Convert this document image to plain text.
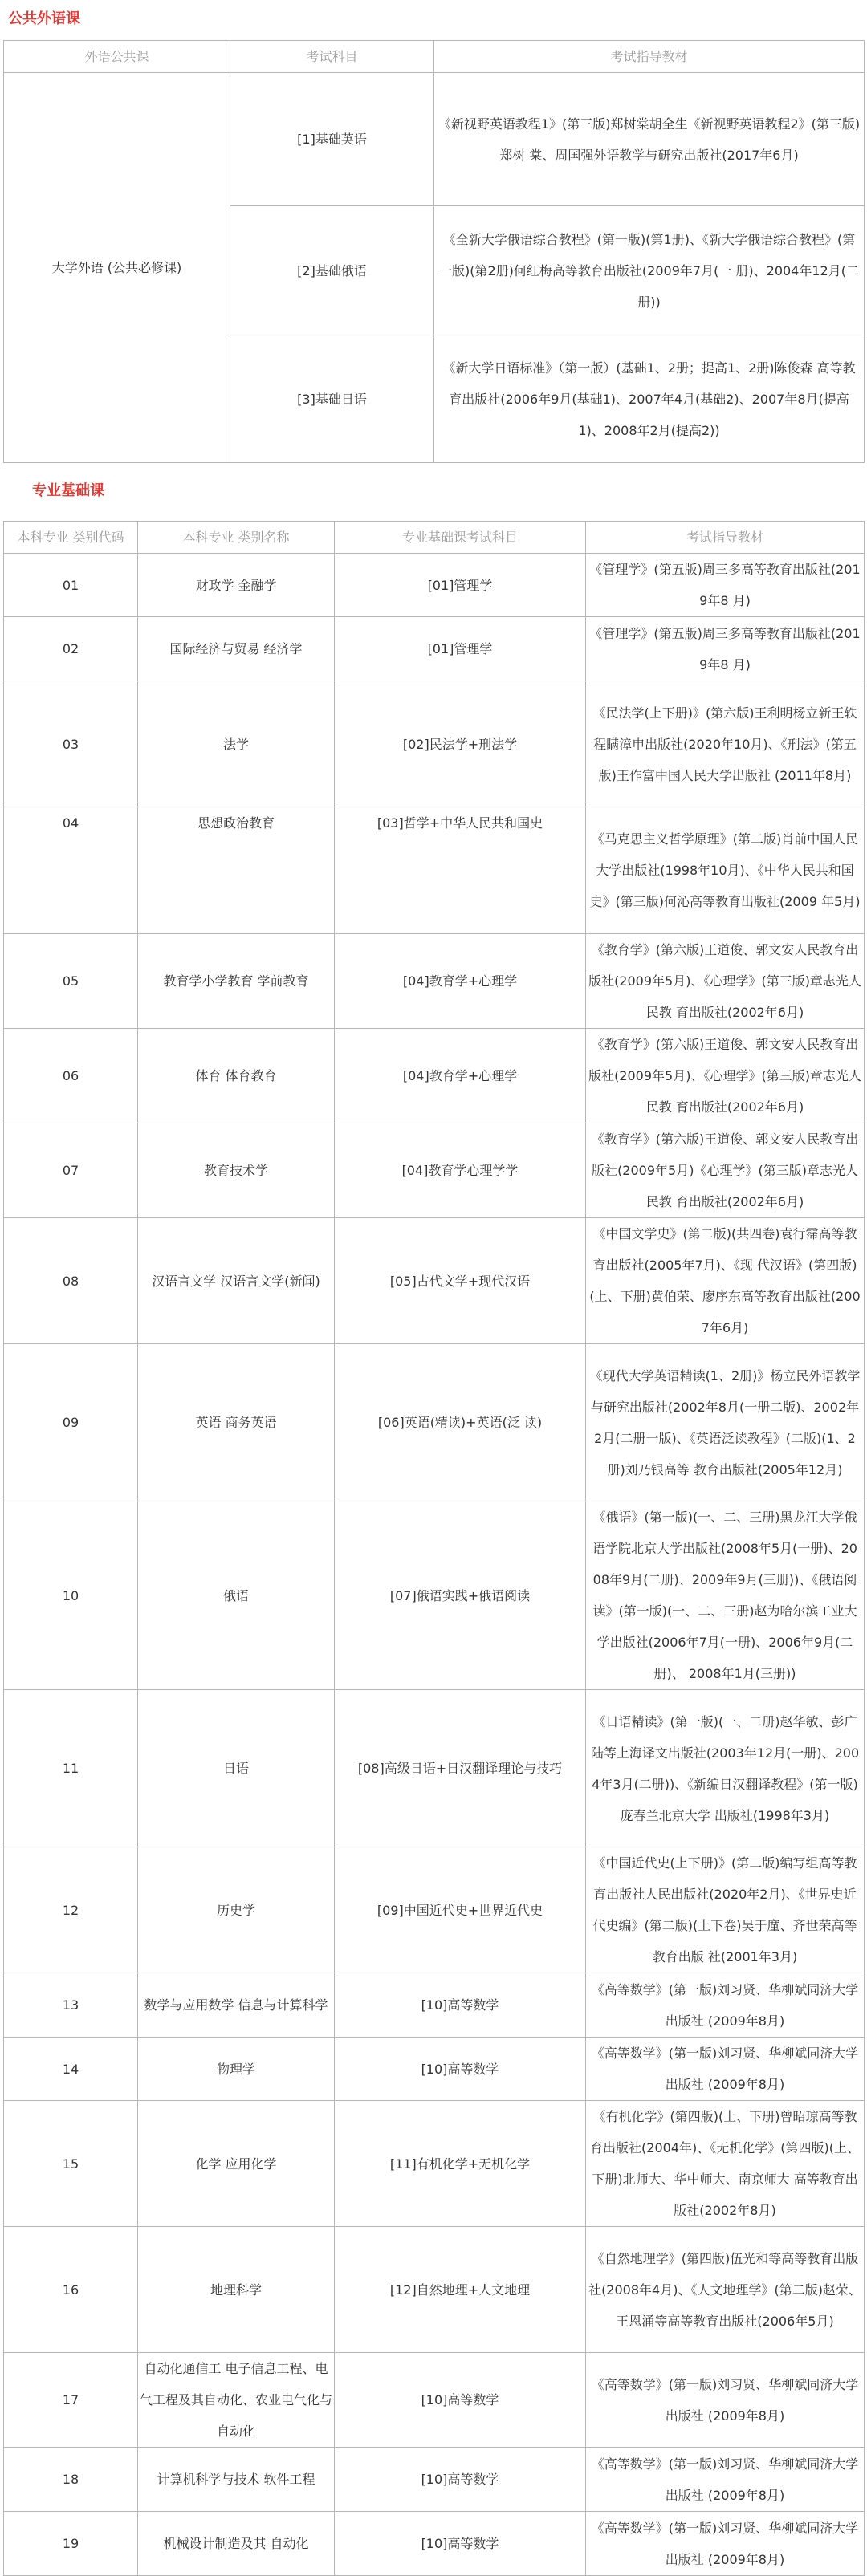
公共外语课
外语公共课	考试科目	考试指导教材
大学外语 (公共必修课)	[1]基础英语	《新视野英语教程1》(第三版)郑树棠胡全生《新视野英语教程2》(第三版)郑树 棠、周国强外语教学与研究出版社(2017年6月)
	[2]基础俄语	《全新大学俄语综合教程》(第一版)(第1册)、《新大学俄语综合教程》(第一版)(第2册)何红梅高等教育出版社(2009年7月(一 册)、2004年12月(二册))
	[3]基础日语	《新大学日语标准》（第一版）(基础1、2册；提高1、2册)陈俊森 高等教育出版社(2006年9月(基础1)、2007年4月(基础2)、2007年8月(提高1)、2008年2月(提高2))
专业基础课
本科专业 类别代码	本科专业 类别名称	专业基础课考试科目	考试指导教材
01	财政学 金融学	[01]管理学	《管理学》(第五版)周三多高等教育出版社(2019年8 月)
02	国际经济与贸易 经济学	[01]管理学	《管理学》(第五版)周三多高等教育出版社(2019年8 月)
03	法学	[02]民法学+刑法学	《民法学(上下册)》(第六版)王利明杨立新王轶程瞒漳申出版社(2020年10月)、《刑法》(第五版)王作富中国人民大学出版社 (2011年8月)
04	思想政治教育	[03]哲学+中华人民共和国史	《马克思主义哲学原理》(第二版)肖前中国人民大学出版社(1998年10月)、《中华人民共和国史》(第三版)何沁高等教育出版社(2009 年5月)
05	教育学小学教育 学前教育	[04]教育学+心理学	《教育学》(第六版)王道俊、郭文安人民教育出版社(2009年5月)、《心理学》(第三版)章志光人民教 育出版社(2002年6月)
06	体育 体育教育	[04]教育学+心理学	《教育学》(第六版)王道俊、郭文安人民教育出版社(2009年5月)、《心理学》(第三版)章志光人民教 育出版社(2002年6月)
07	教育技术学	[04]教育学心理学学	《教育学》(第六版)王道俊、郭文安人民教育出版社(2009年5月)《心理学》(第三版)章志光人民教 育出版社(2002年6月)
08	汉语言文学 汉语言文学(新闻)	[05]古代文学+现代汉语	《中国文学史》(第二版)(共四卷)袁行霈高等教育出版社(2005年7月)、《现 代汉语》(第四版)(上、下册)黄伯荣、廖序东高等教育出版社(2007年6月)
09	英语 商务英语	[06]英语(精读)+英语(泛 读)	《现代大学英语精读(1、2册)》杨立民外语教学与研究出版社(2002年8月(一册二版)、2002年2月(二册一版)、《英语泛读教程》(二版)(1、2册)刘乃银高等 教育出版社(2005年12月)
10	俄语	[07]俄语实践+俄语阅读	《俄语》(第一版)(一、二、三册)黑龙江大学俄语学院北京大学出版社(2008年5月(一册)、2008年9月(二册)、2009年9月(三册))、《俄语阅读》(第一版)(一、二、三册)赵为哈尔滨工业大学出版社(2006年7月(一册)、2006年9月(二册)、 2008年1月(三册))
11	日语	[08]高级日语+日汉翻译理论与技巧	《日语精读》(第一版)(一、二册)赵华敏、彭广陆等上海译文出版社(2003年12月(一册)、2004年3月(二册))、《新编日汉翻译教程》(第一版)庞春兰北京大学 出版社(1998年3月)
12	历史学	[09]中国近代史+世界近代史	《中国近代史(上下册)》(第二版)编写组高等教育出版社人民出版社(2020年2月)、《世界史近代史编》(第二版)(上下卷)吴于廑、齐世荣高等教育出版 社(2001年3月)
13	数学与应用数学 信息与计算科学	[10]高等数学	《高等数学》(第一版)刘习贤、华柳斌同济大学出版社 (2009年8月)
14	物理学	[10]高等数学	《高等数学》(第一版)刘习贤、华柳斌同济大学出版社 (2009年8月)
15	化学 应用化学	[11]有机化学+无机化学	《有机化学》(第四版)(上、下册)曾昭琼高等教育出版社(2004年)、《无机化学》(第四版)(上、下册)北师大、华中师大、南京师大 高等教育出版社(2002年8月)
16	地理科学	[12]自然地理+人文地理	《自然地理学》(第四版)伍光和等高等教育出版社(2008年4月)、《人文地理学》(第二版)赵荣、王恩涌等高等教育出版社(2006年5月)
17	自动化通信工 电子信息工程、电气工程及其自动化、农业电气化与自动化	[10]高等数学	《高等数学》(第一版)刘习贤、华柳斌同济大学出版社 (2009年8月)
18	计算机科学与技术 软件工程	[10]高等数学	《高等数学》(第一版)刘习贤、华柳斌同济大学出版社 (2009年8月)
19	机械设计制造及其 自动化	[10]高等数学	《高等数学》(第一版)刘习贤、华柳斌同济大学出版社 (2009年8月)
